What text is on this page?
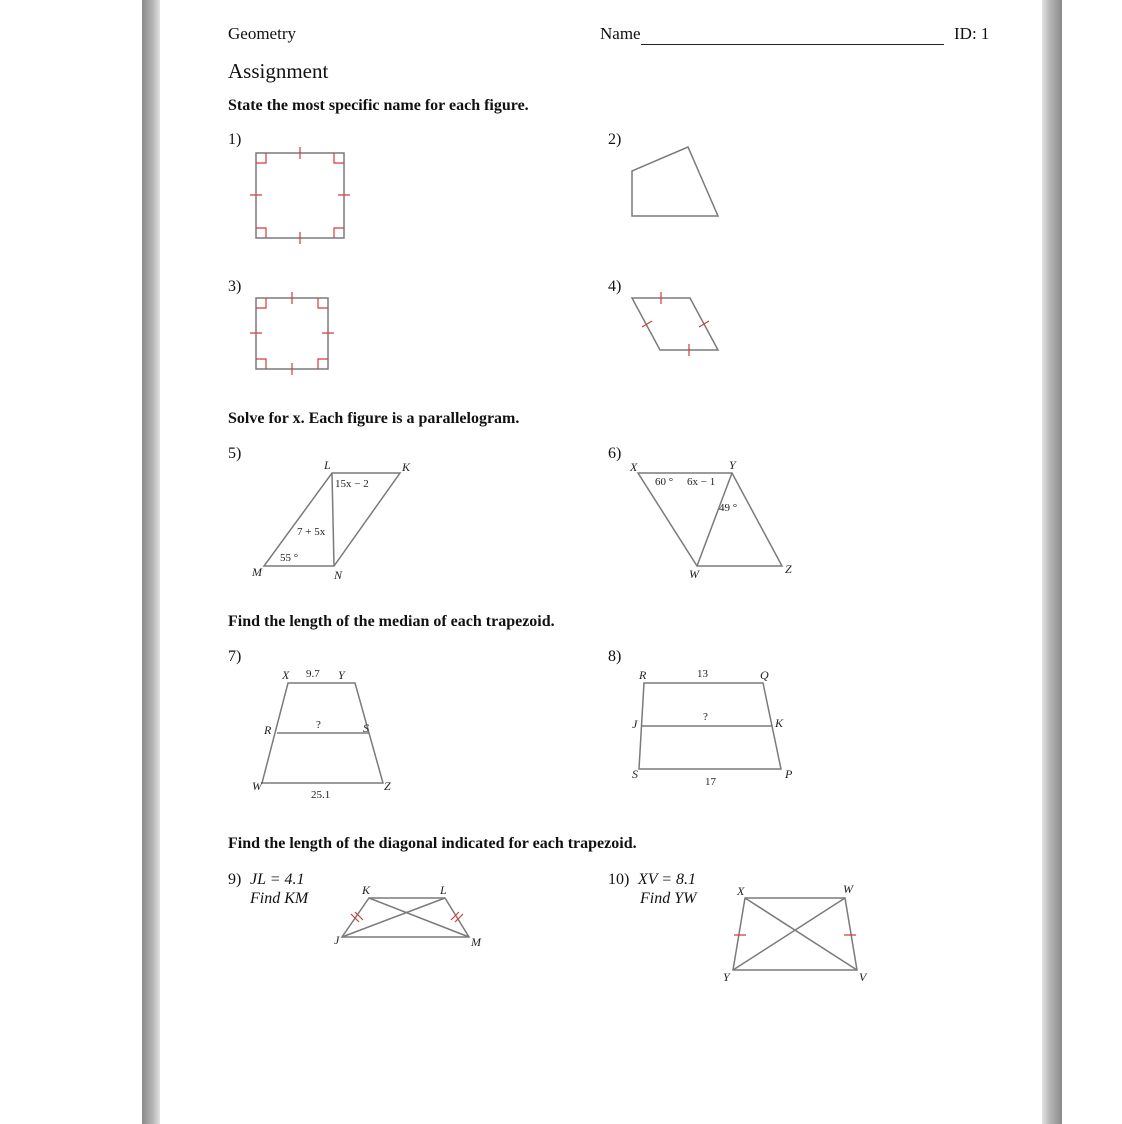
Geometry	Name	ID: 1
Assignment
State the most specific name for each figure.
1)	2)
L	K
M	N
15x − 2
7 + 5x
55 °
X	Y
W	Z
60 ° 6x − 1
49 °
X	Y
R	S
W	Z
9.7
?
25.1
R	Q
J	K
S	P
13
?
17
K	L
J	M
X	W
Y	V
3)	4)
Solve for x. Each figure is a parallelogram.
5)	6)
Find the length of the median of each trapezoid.
7)	8)
Find the length of the diagonal indicated for each trapezoid.
9) JL = 4.1
Find KM
10) XV = 8.1
Find YW
